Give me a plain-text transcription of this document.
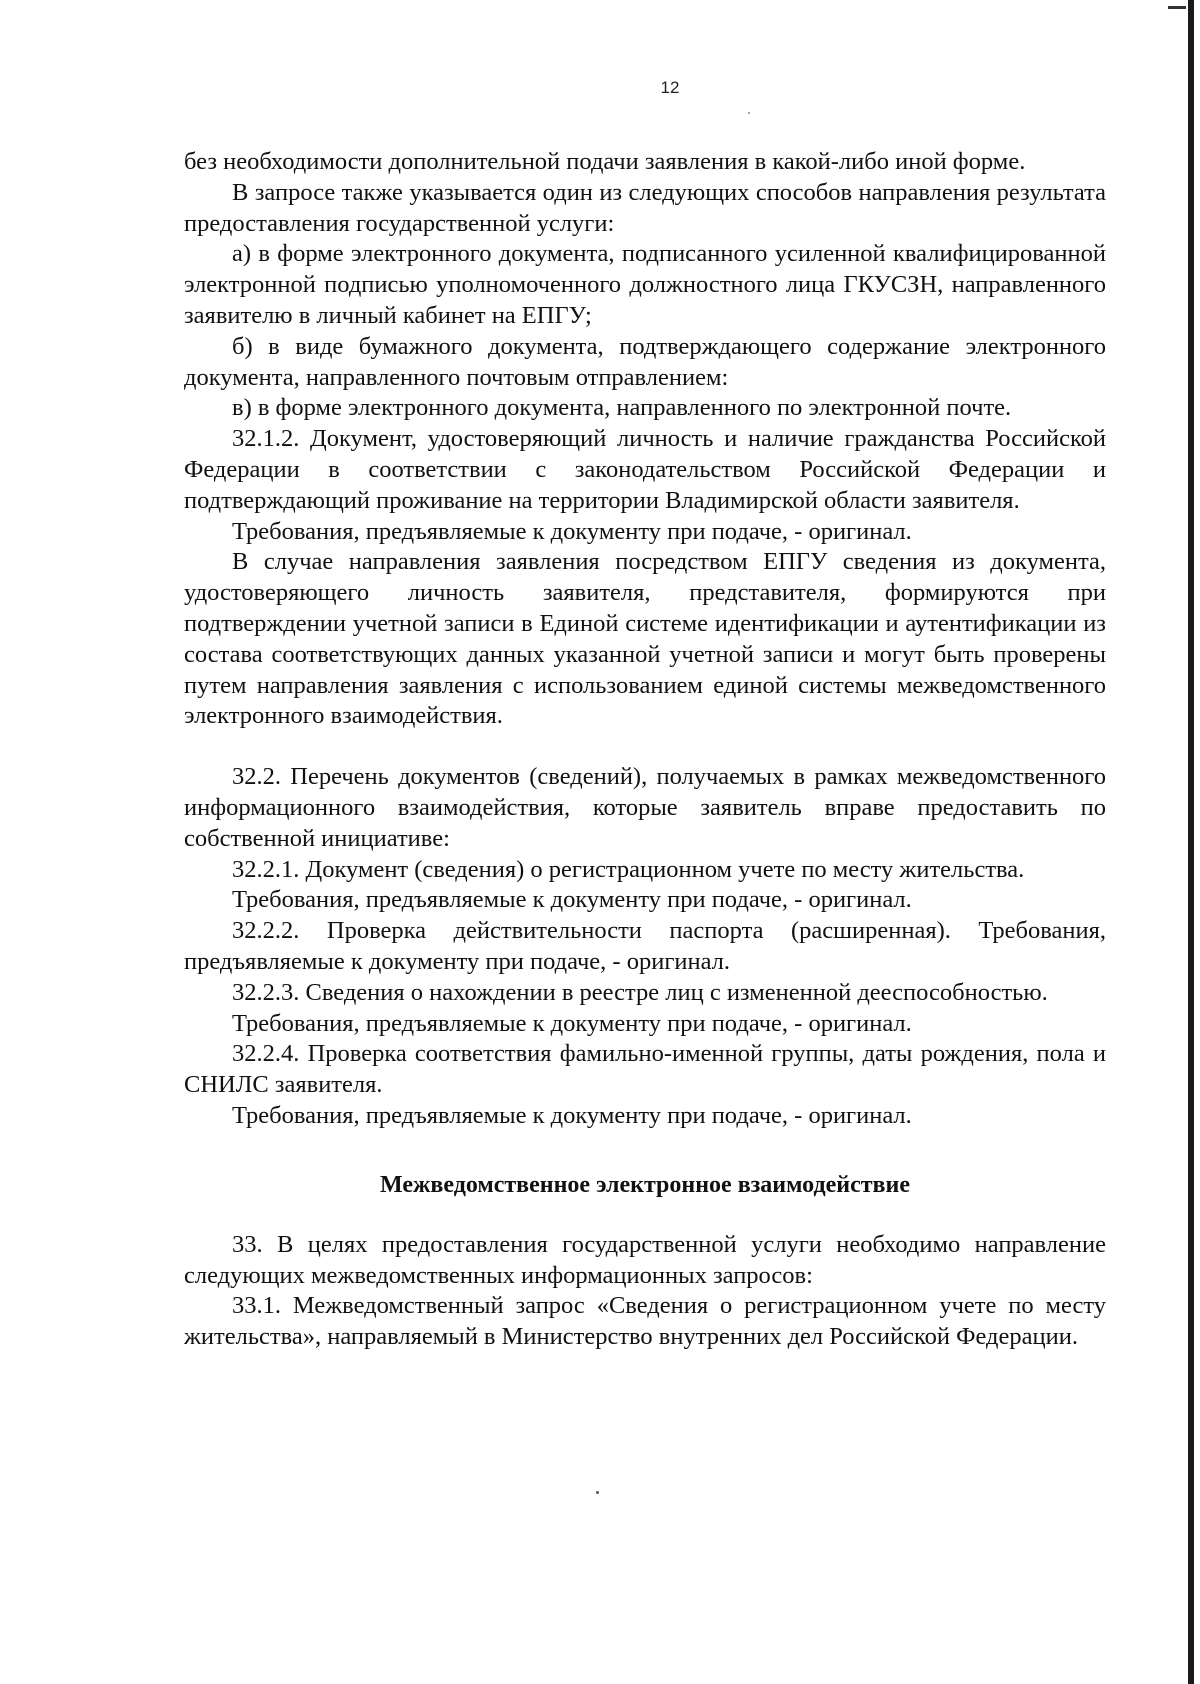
12

без необходимости дополнительной подачи заявления в какой-либо иной форме.

В запросе также указывается один из следующих способов направления результата предоставления государственной услуги:

а) в форме электронного документа, подписанного усиленной квалифицированной электронной подписью уполномоченного должностного лица ГКУСЗН, направленного заявителю в личный кабинет на ЕПГУ;

б) в виде бумажного документа, подтверждающего содержание электронного документа, направленного почтовым отправлением:

в) в форме электронного документа, направленного по электронной почте.

32.1.2. Документ, удостоверяющий личность и наличие гражданства Российской Федерации в соответствии с законодательством Российской Федерации и подтверждающий проживание на территории Владимирской области заявителя.

Требования, предъявляемые к документу при подаче, - оригинал.

В случае направления заявления посредством ЕПГУ сведения из документа, удостоверяющего личность заявителя, представителя, формируются при подтверждении учетной записи в Единой системе идентификации и аутентификации из состава соответствующих данных указанной учетной записи и могут быть проверены путем направления заявления с использованием единой системы межведомственного электронного взаимодействия.

32.2. Перечень документов (сведений), получаемых в рамках межведомственного информационного взаимодействия, которые заявитель вправе предоставить по собственной инициативе:

32.2.1. Документ (сведения) о регистрационном учете по месту жительства.

Требования, предъявляемые к документу при подаче, - оригинал.

32.2.2. Проверка действительности паспорта (расширенная). Требования, предъявляемые к документу при подаче, - оригинал.

32.2.3. Сведения о нахождении в реестре лиц с измененной дееспособностью.

Требования, предъявляемые к документу при подаче, - оригинал.

32.2.4. Проверка соответствия фамильно-именной группы, даты рождения, пола и СНИЛС заявителя.

Требования, предъявляемые к документу при подаче, - оригинал.

Межведомственное электронное взаимодействие

33. В целях предоставления государственной услуги необходимо направление следующих межведомственных информационных запросов:

33.1. Межведомственный запрос «Сведения о регистрационном учете по месту жительства», направляемый в Министерство внутренних дел Российской Федерации.
